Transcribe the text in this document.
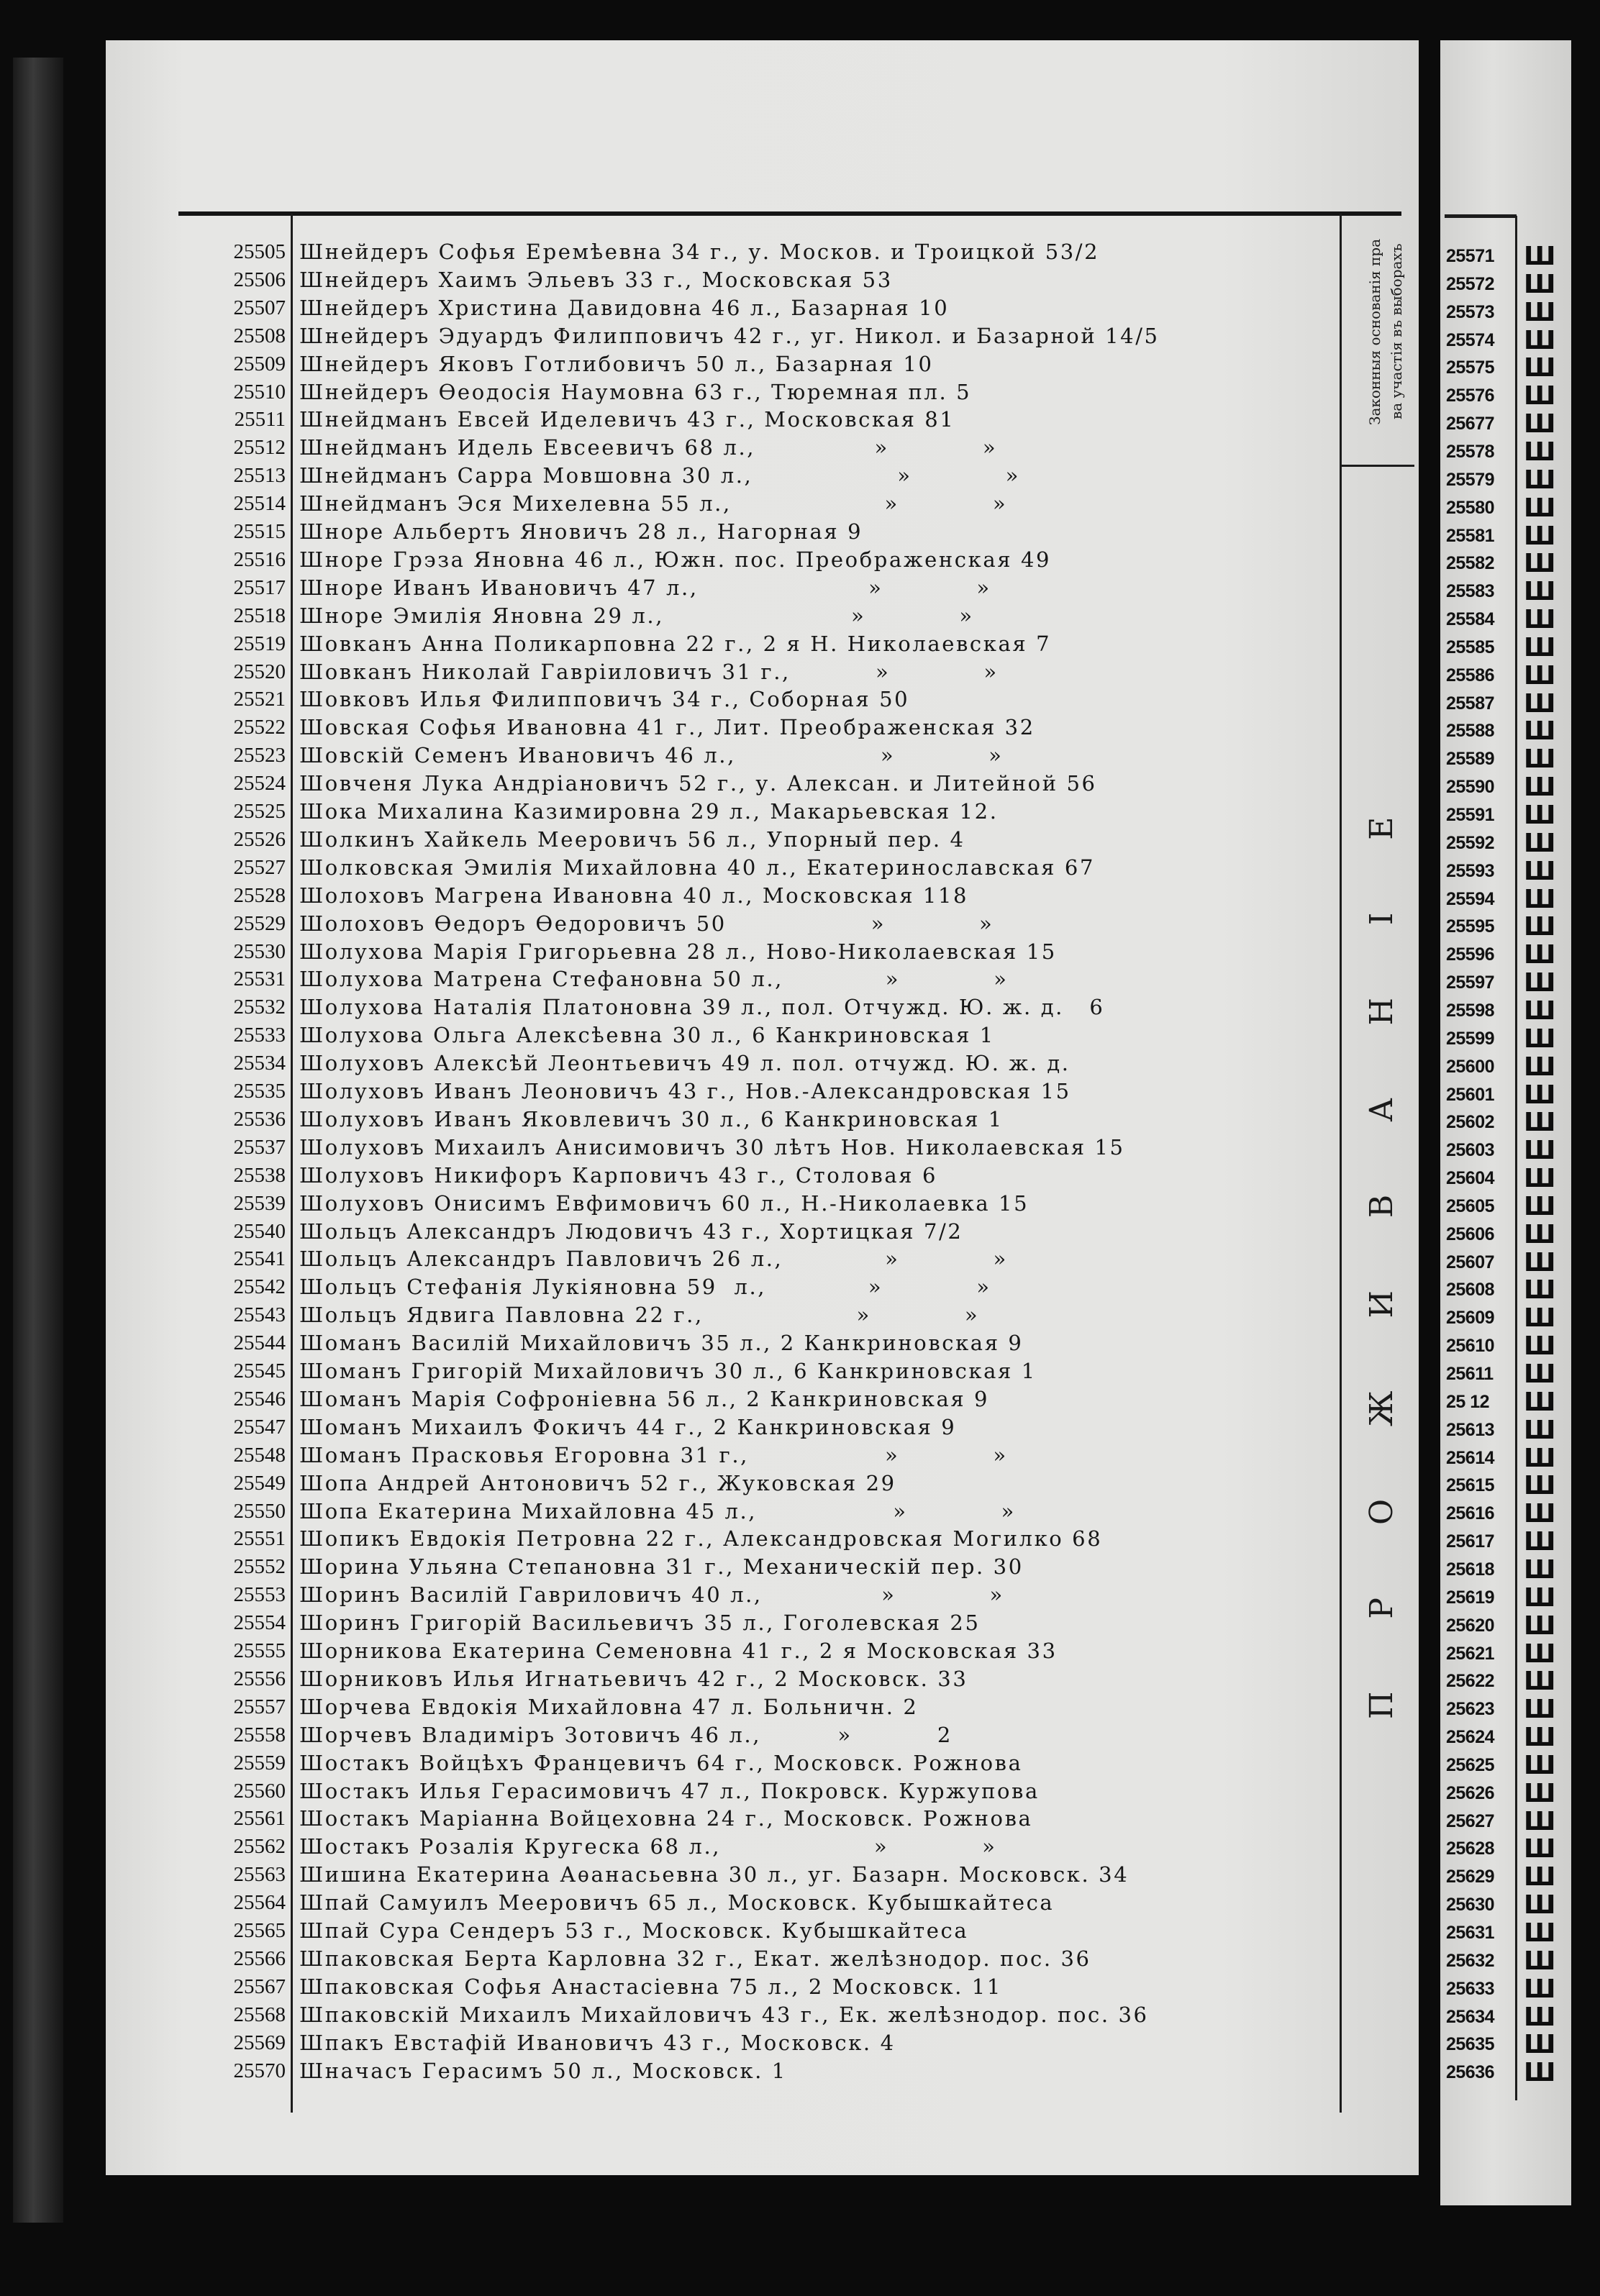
Законныя основанія пра ва участія въ выборахъ
ПРОЖИВАНІЕ
25505 Шнейдеръ Софья Еремѣевна 34 г., у. Москов. и Троицкой 53/2
25506 Шнейдеръ Хаимъ Эльевъ 33 г., Московская 53
25507 Шнейдеръ Христина Давидовна 46 л., Базарная 10
25508 Шнейдеръ Эдуардъ Филипповичъ 42 г., уг. Никол. и Базарной 14/5
25509 Шнейдеръ Яковъ Готлибовичъ 50 л., Базарная 10
25510 Шнейдеръ Өеодосія Наумовна 63 г., Тюремная пл. 5
25511 Шнейдманъ Евсей Иделевичъ 43 г., Московская 81
25512 Шнейдманъ Идель Евсеевичъ 68 л.,              »           »
25513 Шнейдманъ Сарра Мовшовна 30 л.,                 »           »
25514 Шнейдманъ Эся Михелевна 55 л.,                  »           »
25515 Шноре Альбертъ Яновичъ 28 л., Нагорная 9
25516 Шноре Грэза Яновна 46 л., Южн. пос. Преображенская 49
25517 Шноре Иванъ Ивановичъ 47 л.,                    »           »
25518 Шноре Эмилія Яновна 29 л.,                      »           »
25519 Шовканъ Анна Поликарповна 22 г., 2 я Н. Николаевская 7
25520 Шовканъ Николай Гавріиловичъ 31 г.,          »           »
25521 Шовковъ Илья Филипповичъ 34 г., Соборная 50
25522 Шовская Софья Ивановна 41 г., Лит. Преображенская 32
25523 Шовскій Семенъ Ивановичъ 46 л.,                 »           »
25524 Шовченя Лука Андріановичъ 52 г., у. Алексан. и Литейной 56
25525 Шока Михалина Казимировна 29 л., Макарьевская 12.
25526 Шолкинъ Хайкель Мееровичъ 56 л., Упорный пер. 4
25527 Шолковская Эмилія Михайловна 40 л., Екатеринославская 67
25528 Шолоховъ Магрена Ивановна 40 л., Московская 118
25529 Шолоховъ Өедоръ Өедоровичъ 50                 »           »
25530 Шолухова Марія Григорьевна 28 л., Ново-Николаевская 15
25531 Шолухова Матрена Стефановна 50 л.,            »           »
25532 Шолухова Наталія Платоновна 39 л., пол. Отчужд. Ю. ж. д.   6
25533 Шолухова Ольга Алексѣевна 30 л., 6 Канкриновская 1
25534 Шолуховъ Алексѣй Леонтьевичъ 49 л. пол. отчужд. Ю. ж. д.
25535 Шолуховъ Иванъ Леоновичъ 43 г., Нов.-Александровская 15
25536 Шолуховъ Иванъ Яковлевичъ 30 л., 6 Канкриновская 1
25537 Шолуховъ Михаилъ Анисимовичъ 30 лѣтъ Нов. Николаевская 15
25538 Шолуховъ Никифоръ Карповичъ 43 г., Столовая 6
25539 Шолуховъ Онисимъ Евфимовичъ 60 л., Н.-Николаевка 15
25540 Шольцъ Александръ Людовичъ 43 г., Хортицкая 7/2
25541 Шольцъ Александръ Павловичъ 26 л.,            »           »
25542 Шольцъ Стефанія Лукіяновна 59  л.,            »           »
25543 Шольцъ Ядвига Павловна 22 г.,                  »           »
25544 Шоманъ Василій Михайловичъ 35 л., 2 Канкриновская 9
25545 Шоманъ Григорій Михайловичъ 30 л., 6 Канкриновская 1
25546 Шоманъ Марія Софроніевна 56 л., 2 Канкриновская 9
25547 Шоманъ Михаилъ Фокичъ 44 г., 2 Канкриновская 9
25548 Шоманъ Прасковья Егоровна 31 г.,                »           »
25549 Шопа Андрей Антоновичъ 52 г., Жуковская 29
25550 Шопа Екатерина Михайловна 45 л.,                »           »
25551 Шопикъ Евдокія Петровна 22 г., Александровская Могилко 68
25552 Шорина Ульяна Степановна 31 г., Механическій пер. 30
25553 Шоринъ Василій Гавриловичъ 40 л.,              »           »
25554 Шоринъ Григорій Васильевичъ 35 л., Гоголевская 25
25555 Шорникова Екатерина Семеновна 41 г., 2 я Московская 33
25556 Шорниковъ Илья Игнатьевичъ 42 г., 2 Московск. 33
25557 Шорчева Евдокія Михайловна 47 л. Больничн. 2
25558 Шорчевъ Владиміръ Зотовичъ 46 л.,         »          2
25559 Шостакъ Войцѣхъ Францевичъ 64 г., Московск. Рожнова
25560 Шостакъ Илья Герасимовичъ 47 л., Покровск. Куржупова
25561 Шостакъ Маріанна Войцеховна 24 г., Московск. Рожнова
25562 Шостакъ Розалія Кругеска 68 л.,                  »           »
25563 Шишина Екатерина Аѳанасьевна 30 л., уг. Базарн. Московск. 34
25564 Шпай Самуилъ Мееровичъ 65 л., Московск. Кубышкайтеса
25565 Шпай Сура Сендеръ 53 г., Московск. Кубышкайтеса
25566 Шпаковская Берта Карловна 32 г., Екат. желѣзнодор. пос. 36
25567 Шпаковская Софья Анастасіевна 75 л., 2 Московск. 11
25568 Шпаковскій Михаилъ Михайловичъ 43 г., Ек. желѣзнодор. пос. 36
25569 Шпакъ Евстафій Ивановичъ 43 г., Московск. 4
25570 Шначасъ Герасимъ 50 л., Московск. 1
25571	Ш
25572	Ш
25573	Ш
25574	Ш
25575	Ш
25576	Ш
25677	Ш
25578	Ш
25579	Ш
25580	Ш
25581	Ш
25582	Ш
25583	Ш
25584	Ш
25585	Ш
25586	Ш
25587	Ш
25588	Ш
25589	Ш
25590	Ш
25591	Ш
25592	Ш
25593	Ш
25594	Ш
25595	Ш
25596	Ш
25597	Ш
25598	Ш
25599	Ш
25600	Ш
25601	Ш
25602	Ш
25603	Ш
25604	Ш
25605	Ш
25606	Ш
25607	Ш
25608	Ш
25609	Ш
25610	Ш
25611	Ш
25 12	Ш
25613	Ш
25614	Ш
25615	Ш
25616	Ш
25617	Ш
25618	Ш
25619	Ш
25620	Ш
25621	Ш
25622	Ш
25623	Ш
25624	Ш
25625	Ш
25626	Ш
25627	Ш
25628	Ш
25629	Ш
25630	Ш
25631	Ш
25632	Ш
25633	Ш
25634	Ш
25635	Ш
25636	Ш
